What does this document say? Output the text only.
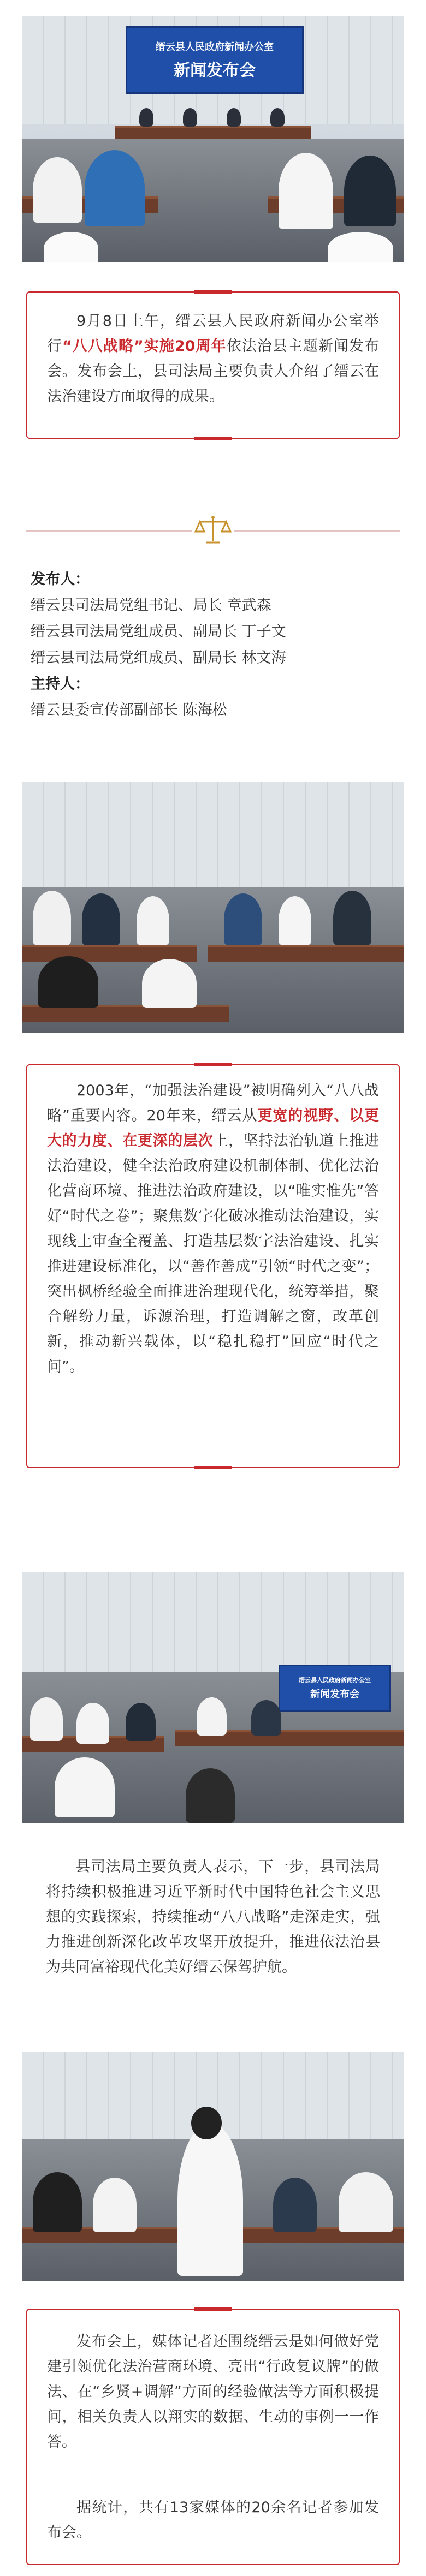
缙云县人民政府新闻办公室
新闻发布会
9月8日上午，缙云县人民政府新闻办公室举行“八八战略”实施20周年依法治县主题新闻发布会。发布会上，县司法局主要负责人介绍了缙云在法治建设方面取得的成果。
发布人：
缙云县司法局党组书记、局长 章武森
缙云县司法局党组成员、副局长 丁子文
缙云县司法局党组成员、副局长 林文海
主持人：
缙云县委宣传部副部长 陈海松
2003年，“加强法治建设”被明确列入“八八战略”重要内容。20年来，缙云从更宽的视野、以更大的力度、在更深的层次上，坚持法治轨道上推进法治建设，健全法治政府建设机制体制、优化法治化营商环境、推进法治政府建设，以“唯实惟先”答好“时代之卷”；聚焦数字化破冰推动法治建设，实现线上审查全覆盖、打造基层数字法治建设、扎实推进建设标准化，以“善作善成”引领“时代之变”；突出枫桥经验全面推进治理现代化，统筹举措，聚合解纷力量，诉源治理，打造调解之窗，改革创新，推动新兴载体，以“稳扎稳打”回应“时代之问”。
缙云县人民政府新闻办公室
新闻发布会
县司法局主要负责人表示，下一步，县司法局将持续积极推进习近平新时代中国特色社会主义思想的实践探索，持续推动“八八战略”走深走实，强力推进创新深化改革攻坚开放提升，推进依法治县为共同富裕现代化美好缙云保驾护航。
发布会上，媒体记者还围绕缙云是如何做好党建引领优化法治营商环境、亮出“行政复议牌”的做法、在“乡贤+调解”方面的经验做法等方面积极提问，相关负责人以翔实的数据、生动的事例一一作答。
据统计，共有13家媒体的20余名记者参加发布会。
